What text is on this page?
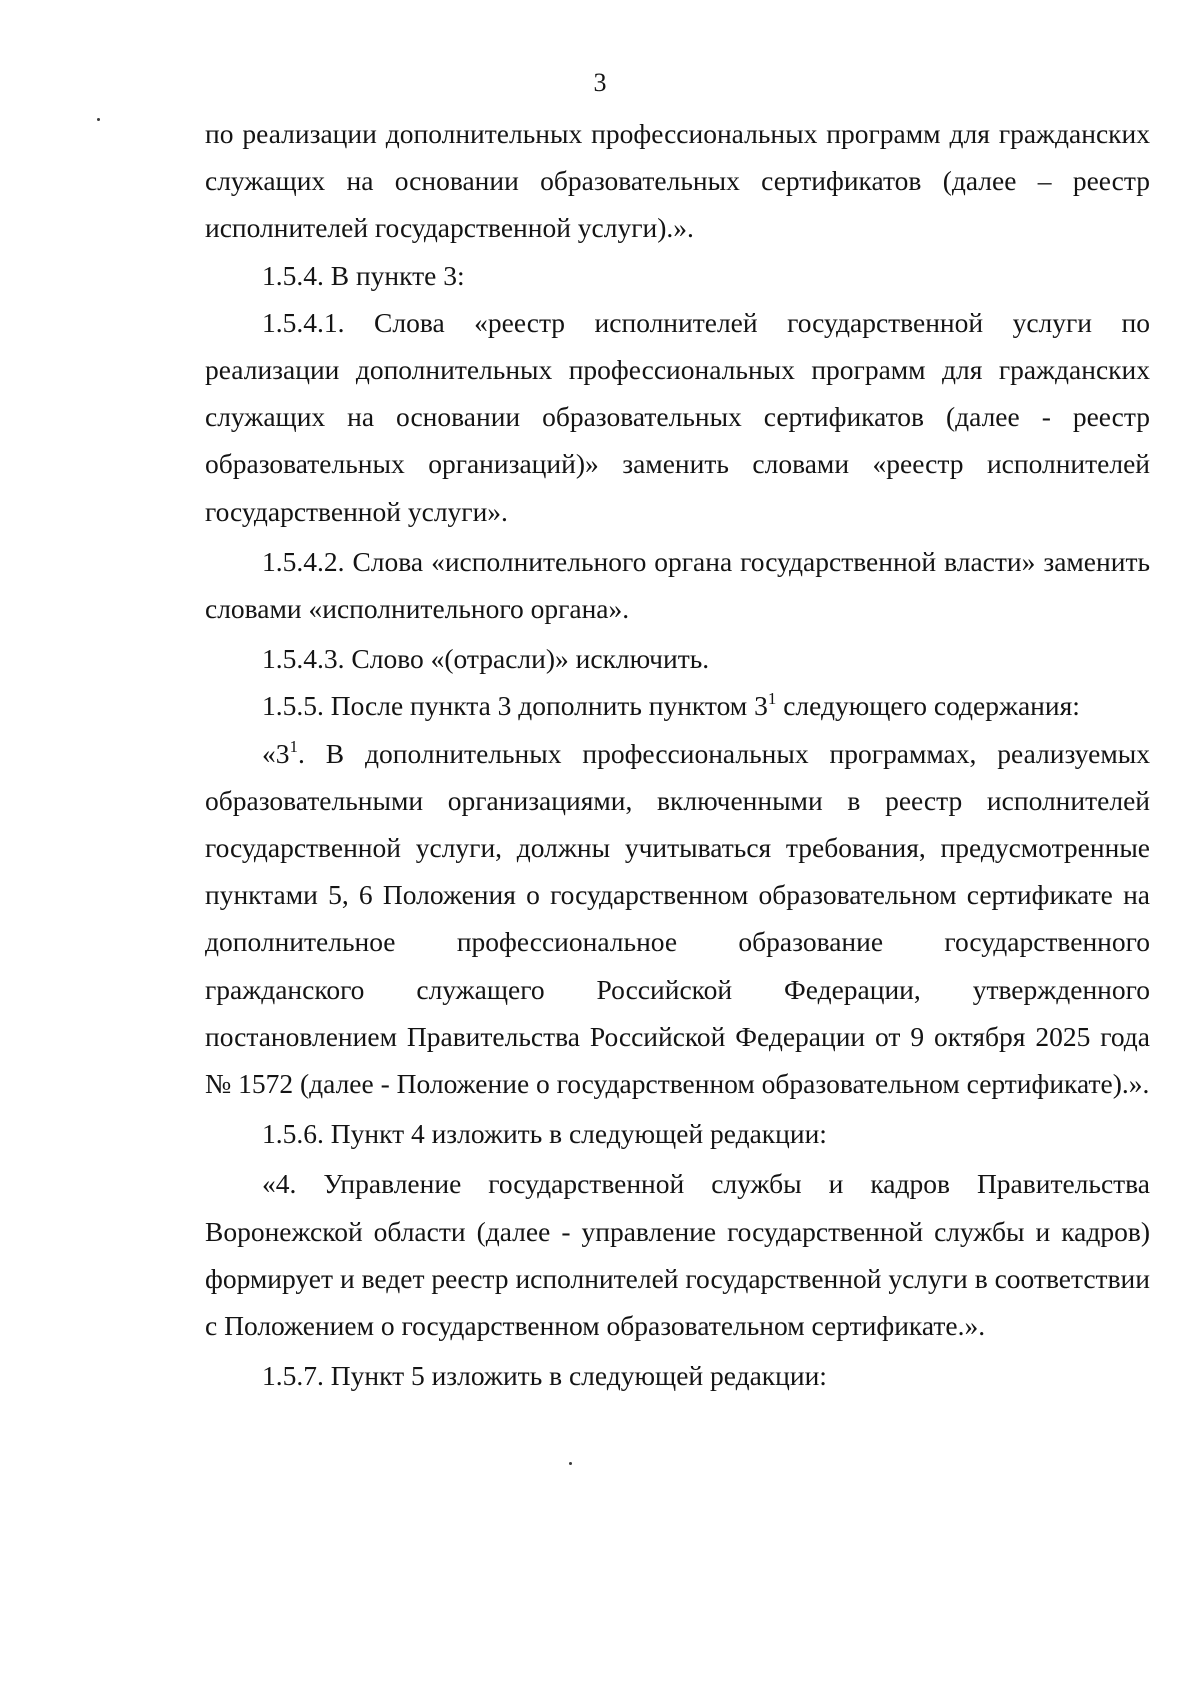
3

по реализации дополнительных профессиональных программ для гражданских служащих на основании образовательных сертификатов (далее – реестр исполнителей государственной услуги).».

1.5.4. В пункте 3:

1.5.4.1. Слова «реестр исполнителей государственной услуги по реализации дополнительных профессиональных программ для гражданских служащих на основании образовательных сертификатов (далее - реестр образовательных организаций)» заменить словами «реестр исполнителей государственной услуги».

1.5.4.2. Слова «исполнительного органа государственной власти» заменить словами «исполнительного органа».

1.5.4.3. Слово «(отрасли)» исключить.

1.5.5. После пункта 3 дополнить пунктом $3^1$ следующего содержания:

«$3^1$. В дополнительных профессиональных программах, реализуемых образовательными организациями, включенными в реестр исполнителей государственной услуги, должны учитываться требования, предусмотренные пунктами 5, 6 Положения о государственном образовательном сертификате на дополнительное профессиональное образование государственного гражданского служащего Российской Федерации, утвержденного постановлением Правительства Российской Федерации от 9 октября 2025 года № 1572 (далее - Положение о государственном образовательном сертификате).».

1.5.6. Пункт 4 изложить в следующей редакции:

«4. Управление государственной службы и кадров Правительства Воронежской области (далее - управление государственной службы и кадров) формирует и ведет реестр исполнителей государственной услуги в соответствии с Положением о государственном образовательном сертификате.».

1.5.7. Пункт 5 изложить в следующей редакции:
